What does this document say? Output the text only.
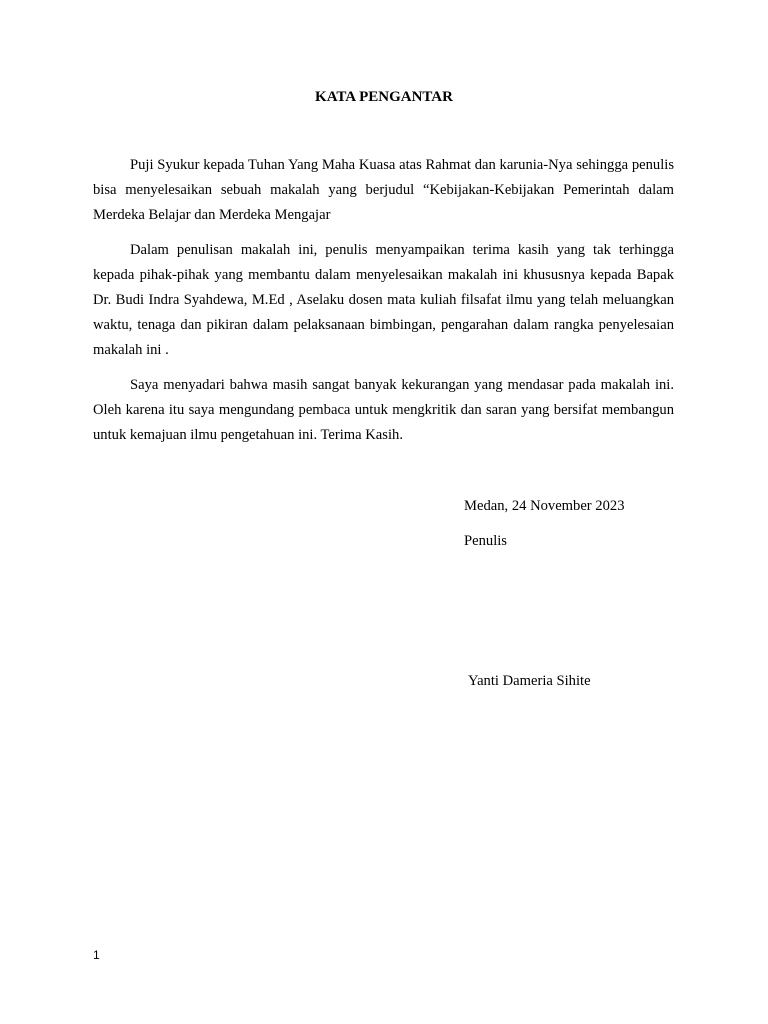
KATA PENGANTAR

Puji Syukur kepada Tuhan Yang Maha Kuasa atas Rahmat dan karunia-Nya sehingga penulis bisa menyelesaikan sebuah makalah yang berjudul “Kebijakan-Kebijakan Pemerintah dalam Merdeka Belajar dan Merdeka Mengajar

Dalam penulisan makalah ini, penulis menyampaikan terima kasih yang tak terhingga kepada pihak-pihak yang membantu dalam menyelesaikan makalah ini khususnya kepada Bapak Dr. Budi Indra Syahdewa, M.Ed , Aselaku dosen mata kuliah filsafat ilmu yang telah meluangkan waktu, tenaga dan pikiran dalam pelaksanaan bimbingan, pengarahan dalam rangka penyelesaian makalah ini .

Saya menyadari bahwa masih sangat banyak kekurangan yang mendasar pada makalah ini. Oleh karena itu saya mengundang pembaca untuk mengkritik dan saran yang bersifat membangun untuk kemajuan ilmu pengetahuan ini. Terima Kasih.

Medan, 24 November 2023

Penulis

Yanti Dameria Sihite

1
